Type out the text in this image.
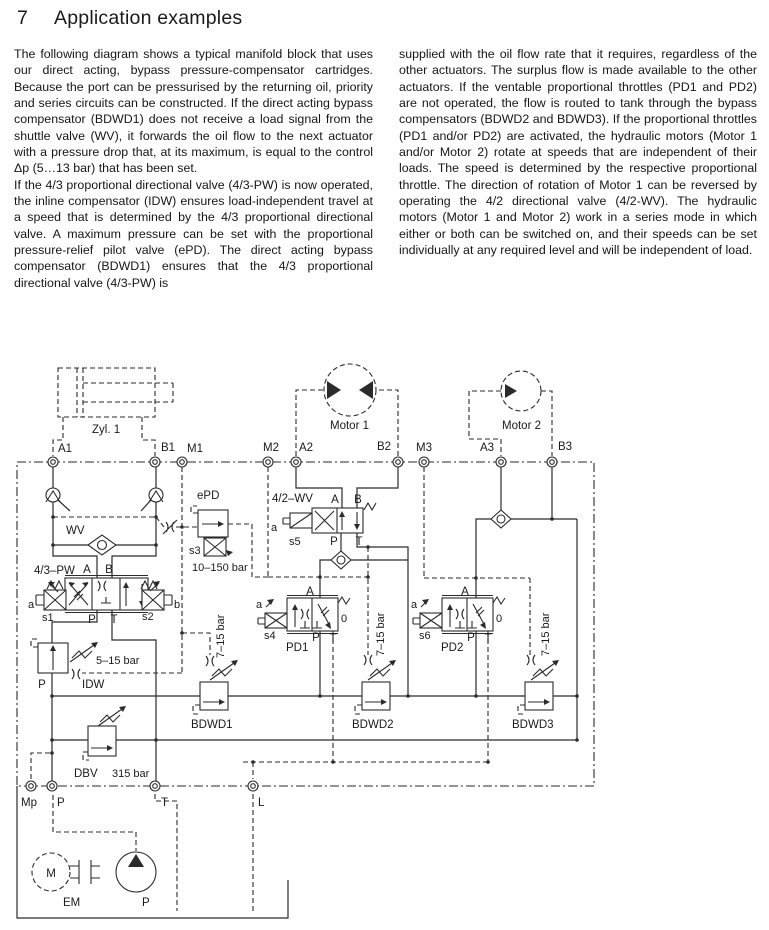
7 Application examples

The following diagram shows a typical manifold block that uses our direct acting, bypass pressure-compensator cartridges. Because the port can be pressurised by the returning oil, priority and series circuits can be constructed. If the direct acting bypass compensator (BDWD1) does not receive a load signal from the shuttle valve (WV), it forwards the oil flow to the next actuator with a pressure drop that, at its maximum, is equal to the control Δp (5…13 bar) that has been set.

If the 4/3 proportional directional valve (4/3-PW) is now operated, the inline compensator (IDW) ensures load-independent travel at a speed that is determined by the 4/3 proportional directional valve. A maximum pressure can be set with the proportional pressure-relief pilot valve (ePD). The direct acting bypass compensator (BDWD1) ensures that the 4/3 proportional directional valve (4/3-PW) is

supplied with the oil flow rate that it requires, regardless of the other actuators. The surplus flow is made available to the other actuators. If the ventable proportional throttles (PD1 and PD2) are not operated, the flow is routed to tank through the bypass compensators (BDWD2 and BDWD3). If the proportional throttles (PD1 and/or PD2) are activated, the hydraulic motors (Motor 1 and/or Motor 2) rotate at speeds that are independent of their loads. The speed is determined by the respective proportional throttle. The direction of rotation of Motor 1 can be reversed by operating the 4/2 directional valve (4/2-WV). The hydraulic motors (Motor 1 and Motor 2) work in a series mode in which either or both can be switched on, and their speeds can be set individually at any required level and will be independent of load.

Zyl. 1	Motor 1	Motor 2
A1	B1 M1	M2 A2	B2 M3	A3	B3
Mp P	T	L
WV
4/3–PW A B
P T
a	b
s1	s2
ePD
s3
10–150 bar
4/2–WV A B
P T
a
s5
PD1
A
P T
a
s4
0
PD2
A
P T
a
s6
0
P	IDW
5–15 bar
DBV 315 bar
BDWD1	BDWD2	BDWD3
7–15 bar	7–15 bar	7–15 bar
M
EM	P
